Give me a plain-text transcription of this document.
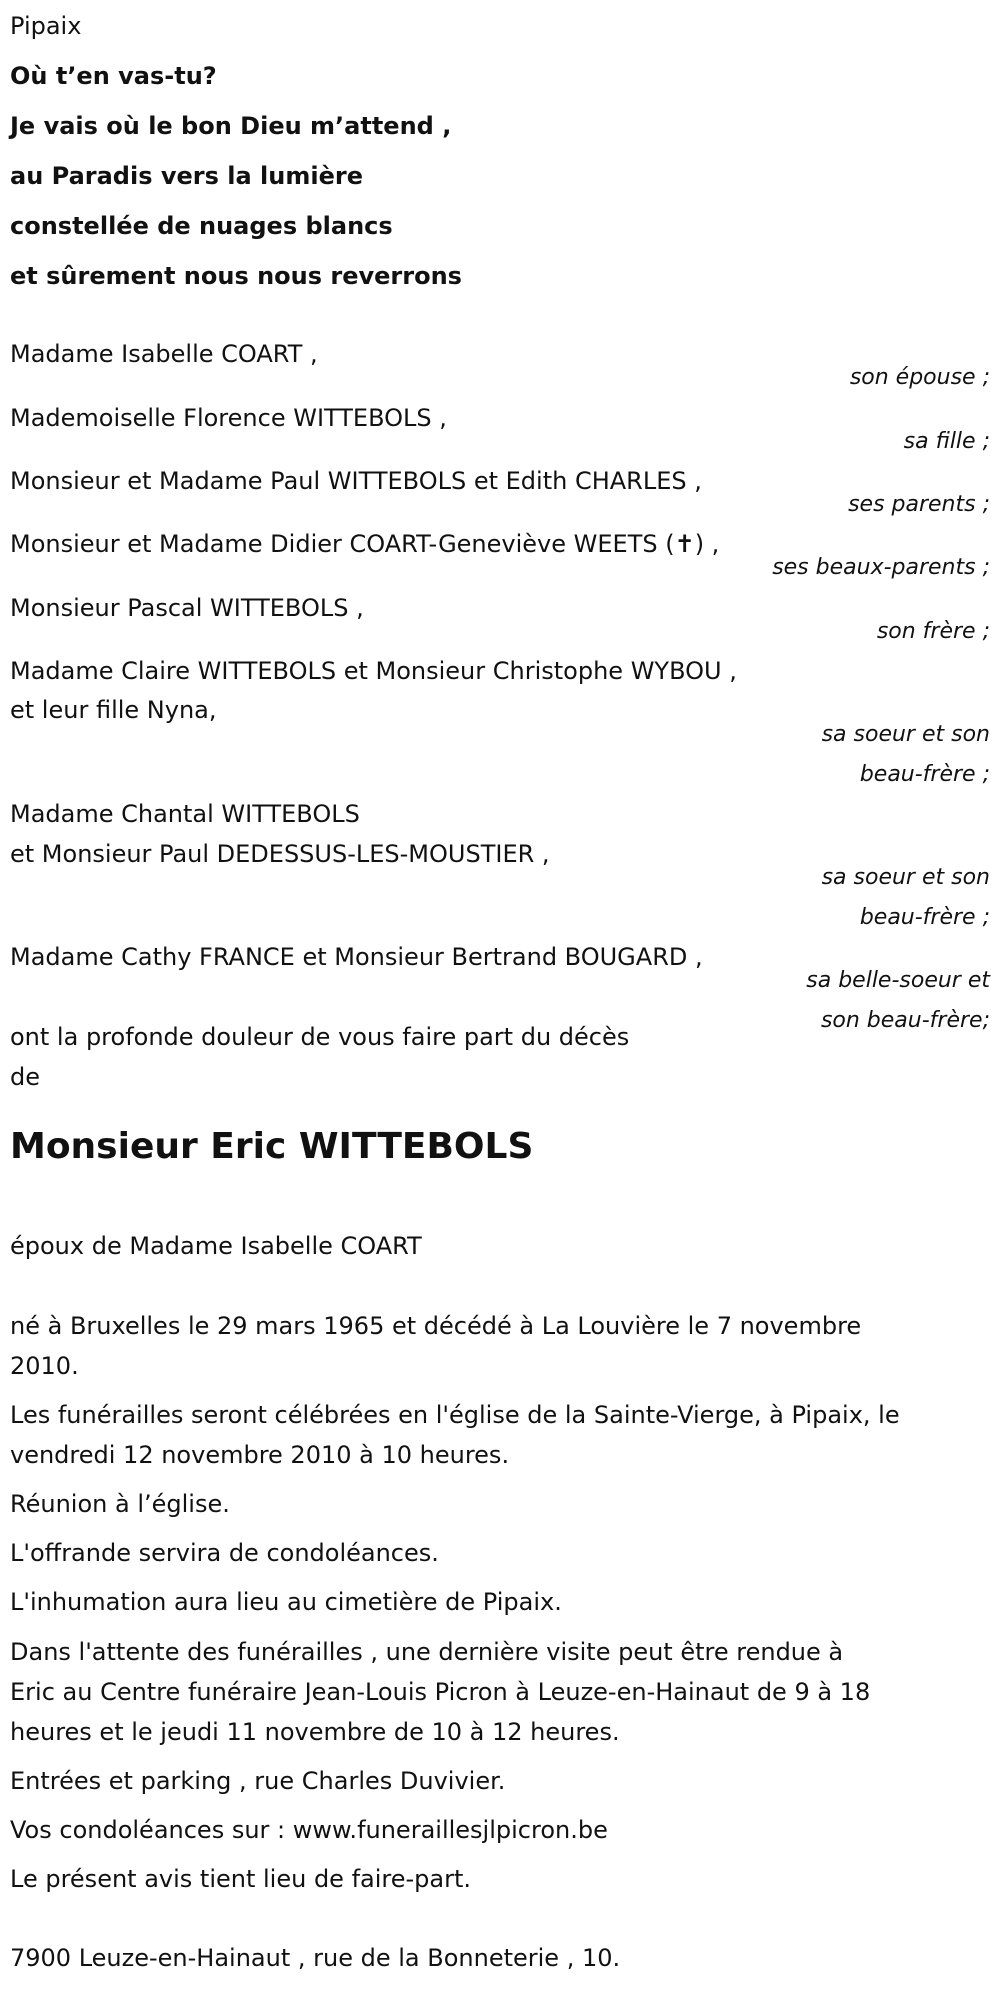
Pipaix
Où t’en vas-tu?
Je vais où le bon Dieu m’attend ,
au Paradis vers la lumière
constellée de nuages blancs
et sûrement nous nous reverrons
Madame Isabelle COART ,
son épouse ;
Mademoiselle Florence WITTEBOLS ,
sa fille ;
Monsieur et Madame Paul WITTEBOLS et Edith CHARLES ,
ses parents ;
Monsieur et Madame Didier COART-Geneviève WEETS (✝) ,
ses beaux-parents ;
Monsieur Pascal WITTEBOLS ,
son frère ;
Madame Claire WITTEBOLS et Monsieur Christophe WYBOU ,
et leur fille Nyna,
sa soeur et son
beau-frère ;
Madame Chantal WITTEBOLS
et Monsieur Paul DEDESSUS-LES-MOUSTIER ,
sa soeur et son
beau-frère ;
Madame Cathy FRANCE et Monsieur Bertrand BOUGARD ,
sa belle-soeur et
son beau-frère;
ont la profonde douleur de vous faire part du décès
de
Monsieur Eric WITTEBOLS
époux de Madame Isabelle COART
né à Bruxelles le 29 mars 1965 et décédé à La Louvière le 7 novembre
2010.
Les funérailles seront célébrées en l'église de la Sainte-Vierge, à Pipaix, le
vendredi 12 novembre 2010 à 10 heures.
Réunion à l’église.
L'offrande servira de condoléances.
L'inhumation aura lieu au cimetière de Pipaix.
Dans l'attente des funérailles , une dernière visite peut être rendue à
Eric au Centre funéraire Jean-Louis Picron à Leuze-en-Hainaut de 9 à 18
heures et le jeudi 11 novembre de 10 à 12 heures.
Entrées et parking , rue Charles Duvivier.
Vos condoléances sur : www.funerailles​jlpicron.be
Le présent avis tient lieu de faire-part.
7900 Leuze-en-Hainaut , rue de la Bonneterie , 10.
